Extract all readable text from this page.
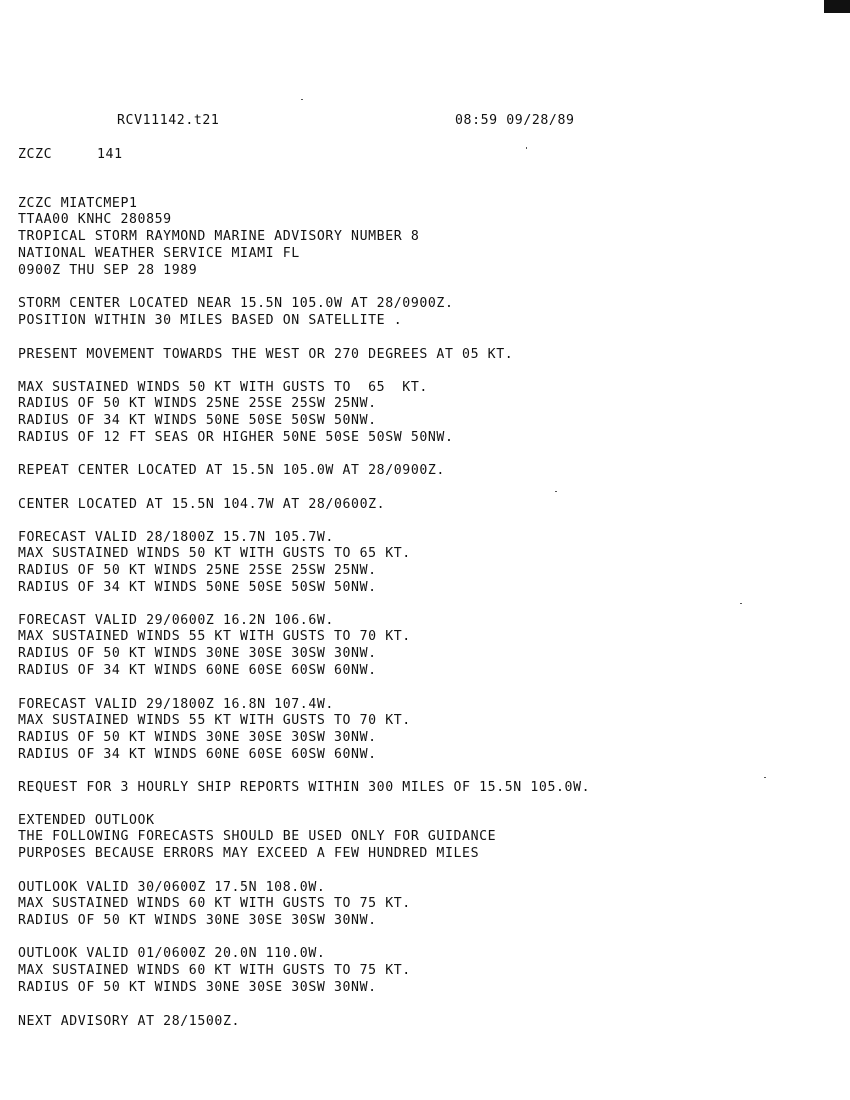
RCV11142.t21	08:59 09/28/89
ZCZC	141
ZCZC MIATCMEP1
TTAA00 KNHC 280859
TROPICAL STORM RAYMOND MARINE ADVISORY NUMBER 8
NATIONAL WEATHER SERVICE MIAMI FL
0900Z THU SEP 28 1989
STORM CENTER LOCATED NEAR 15.5N 105.0W AT 28/0900Z.
POSITION WITHIN 30 MILES BASED ON SATELLITE .
PRESENT MOVEMENT TOWARDS THE WEST OR 270 DEGREES AT 05 KT.
MAX SUSTAINED WINDS 50 KT WITH GUSTS TO  65  KT.
RADIUS OF 50 KT WINDS 25NE 25SE 25SW 25NW.
RADIUS OF 34 KT WINDS 50NE 50SE 50SW 50NW.
RADIUS OF 12 FT SEAS OR HIGHER 50NE 50SE 50SW 50NW.
REPEAT CENTER LOCATED AT 15.5N 105.0W AT 28/0900Z.
CENTER LOCATED AT 15.5N 104.7W AT 28/0600Z.
FORECAST VALID 28/1800Z 15.7N 105.7W.
MAX SUSTAINED WINDS 50 KT WITH GUSTS TO 65 KT.
RADIUS OF 50 KT WINDS 25NE 25SE 25SW 25NW.
RADIUS OF 34 KT WINDS 50NE 50SE 50SW 50NW.
FORECAST VALID 29/0600Z 16.2N 106.6W.
MAX SUSTAINED WINDS 55 KT WITH GUSTS TO 70 KT.
RADIUS OF 50 KT WINDS 30NE 30SE 30SW 30NW.
RADIUS OF 34 KT WINDS 60NE 60SE 60SW 60NW.
FORECAST VALID 29/1800Z 16.8N 107.4W.
MAX SUSTAINED WINDS 55 KT WITH GUSTS TO 70 KT.
RADIUS OF 50 KT WINDS 30NE 30SE 30SW 30NW.
RADIUS OF 34 KT WINDS 60NE 60SE 60SW 60NW.
REQUEST FOR 3 HOURLY SHIP REPORTS WITHIN 300 MILES OF 15.5N 105.0W.
EXTENDED OUTLOOK
THE FOLLOWING FORECASTS SHOULD BE USED ONLY FOR GUIDANCE
PURPOSES BECAUSE ERRORS MAY EXCEED A FEW HUNDRED MILES
OUTLOOK VALID 30/0600Z 17.5N 108.0W.
MAX SUSTAINED WINDS 60 KT WITH GUSTS TO 75 KT.
RADIUS OF 50 KT WINDS 30NE 30SE 30SW 30NW.
OUTLOOK VALID 01/0600Z 20.0N 110.0W.
MAX SUSTAINED WINDS 60 KT WITH GUSTS TO 75 KT.
RADIUS OF 50 KT WINDS 30NE 30SE 30SW 30NW.
NEXT ADVISORY AT 28/1500Z.
